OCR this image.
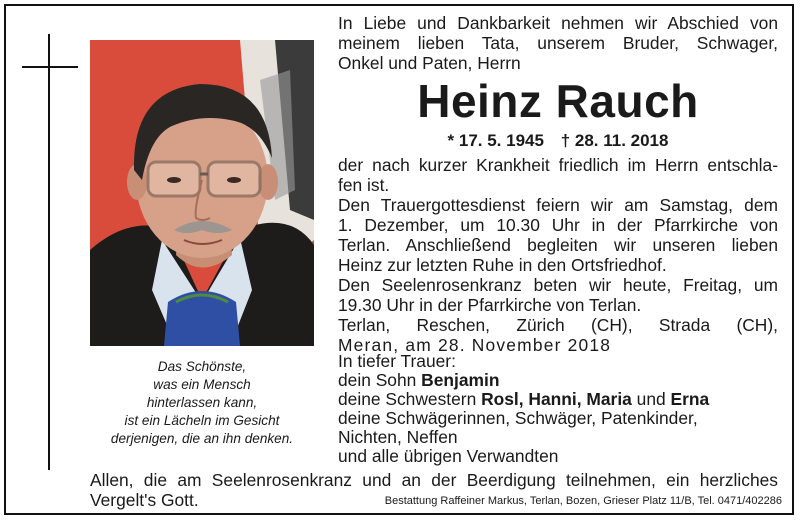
Das Schönste,
was ein Mensch
hinterlassen kann,
ist ein Lächeln im Gesicht
derjenigen, die an ihn denken.
In Liebe und Dankbarkeit nehmen wir Abschied von
meinem lieben Tata, unserem Bruder, Schwager,
Onkel und Paten, Herrn
Heinz Rauch
* 17. 5. 1945 † 28. 11. 2018
der nach kurzer Krankheit friedlich im Herrn entschla-
fen ist.
Den Trauergottesdienst feiern wir am Samstag, dem
1. Dezember, um 10.30 Uhr in der Pfarrkirche von
Terlan. Anschließend begleiten wir unseren lieben
Heinz zur letzten Ruhe in den Ortsfriedhof.
Den Seelenrosenkranz beten wir heute, Freitag, um
19.30 Uhr in der Pfarrkirche von Terlan.
Terlan, Reschen, Zürich (CH), Strada (CH),
Meran, am 28. November 2018
In tiefer Trauer:
dein Sohn Benjamin
deine Schwestern Rosl, Hanni, Maria und Erna
deine Schwägerinnen, Schwäger, Patenkinder,
Nichten, Neffen
und alle übrigen Verwandten
Allen, die am Seelenrosenkranz und an der Beerdigung teilnehmen, ein herzliches
Vergelt's Gott.	Bestattung Raffeiner Markus, Terlan, Bozen, Grieser Platz 11/B, Tel. 0471/402286
